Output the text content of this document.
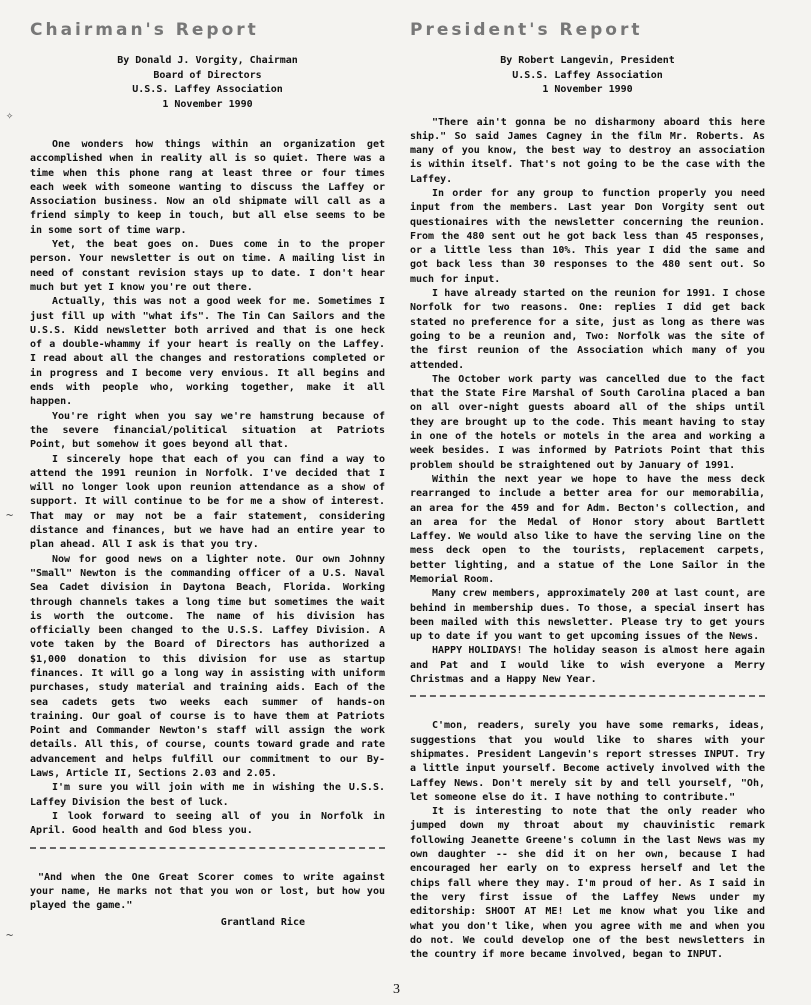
Chairman's Report
By Donald J. Vorgity, Chairman
Board of Directors
U.S.S. Laffey Association
1 November 1990

One wonders how things within an organization get accomplished when in reality all is so quiet. There was a time when this phone rang at least three or four times each week with someone wanting to discuss the Laffey or Association business. Now an old shipmate will call as a friend simply to keep in touch, but all else seems to be in some sort of time warp.

Yet, the beat goes on. Dues come in to the proper person. Your newsletter is out on time. A mailing list in need of constant revision stays up to date. I don't hear much but yet I know you're out there.

Actually, this was not a good week for me. Sometimes I just fill up with "what ifs". The Tin Can Sailors and the U.S.S. Kidd newsletter both arrived and that is one heck of a double-whammy if your heart is really on the Laffey. I read about all the changes and restorations completed or in progress and I become very envious. It all begins and ends with people who, working together, make it all happen.

You're right when you say we're hamstrung because of the severe financial/political situation at Patriots Point, but somehow it goes beyond all that.

I sincerely hope that each of you can find a way to attend the 1991 reunion in Norfolk. I've decided that I will no longer look upon reunion attendance as a show of support. It will continue to be for me a show of interest. That may or may not be a fair statement, considering distance and finances, but we have had an entire year to plan ahead. All I ask is that you try.

Now for good news on a lighter note. Our own Johnny "Small" Newton is the commanding officer of a U.S. Naval Sea Cadet division in Daytona Beach, Florida. Working through channels takes a long time but sometimes the wait is worth the outcome. The name of his division has officially been changed to the U.S.S. Laffey Division. A vote taken by the Board of Directors has authorized a $1,000 donation to this division for use as startup finances. It will go a long way in assisting with uniform purchases, study material and training aids. Each of the sea cadets gets two weeks each summer of hands-on training. Our goal of course is to have them at Patriots Point and Commander Newton's staff will assign the work details. All this, of course, counts toward grade and rate advancement and helps fulfill our commitment to our By-Laws, Article II, Sections 2.03 and 2.05.

I'm sure you will join with me in wishing the U.S.S. Laffey Division the best of luck.

I look forward to seeing all of you in Norfolk in April. Good health and God bless you.

"And when the One Great Scorer comes to write against your name, He marks not that you won or lost, but how you played the game."

Grantland Rice
President's Report
By Robert Langevin, President
U.S.S. Laffey Association
1 November 1990

"There ain't gonna be no disharmony aboard this here ship." So said James Cagney in the film Mr. Roberts. As many of you know, the best way to destroy an association is within itself. That's not going to be the case with the Laffey.

In order for any group to function properly you need input from the members. Last year Don Vorgity sent out questionaires with the newsletter concerning the reunion. From the 480 sent out he got back less than 45 responses, or a little less than 10%. This year I did the same and got back less than 30 responses to the 480 sent out. So much for input.

I have already started on the reunion for 1991. I chose Norfolk for two reasons. One: replies I did get back stated no preference for a site, just as long as there was going to be a reunion and, Two: Norfolk was the site of the first reunion of the Association which many of you attended.

The October work party was cancelled due to the fact that the State Fire Marshal of South Carolina placed a ban on all over-night guests aboard all of the ships until they are brought up to the code. This meant having to stay in one of the hotels or motels in the area and working a week besides. I was informed by Patriots Point that this problem should be straightened out by January of 1991.

Within the next year we hope to have the mess deck rearranged to include a better area for our memorabilia, an area for the 459 and for Adm. Becton's collection, and an area for the Medal of Honor story about Bartlett Laffey. We would also like to have the serving line on the mess deck open to the tourists, replacement carpets, better lighting, and a statue of the Lone Sailor in the Memorial Room.

Many crew members, approximately 200 at last count, are behind in membership dues. To those, a special insert has been mailed with this newsletter. Please try to get yours up to date if you want to get upcoming issues of the News.

HAPPY HOLIDAYS! The holiday season is almost here again and Pat and I would like to wish everyone a Merry Christmas and a Happy New Year.

C'mon, readers, surely you have some remarks, ideas, suggestions that you would like to shares with your shipmates. President Langevin's report stresses INPUT. Try a little input yourself. Become actively involved with the Laffey News. Don't merely sit by and tell yourself, "Oh, let someone else do it. I have nothing to contribute."

It is interesting to note that the only reader who jumped down my throat about my chauvinistic remark following Jeanette Greene's column in the last News was my own daughter -- she did it on her own, because I had encouraged her early on to express herself and let the chips fall where they may. I'm proud of her. As I said in the very first issue of the Laffey News under my editorship: SHOOT AT ME! Let me know what you like and what you don't like, when you agree with me and when you do not. We could develop one of the best newsletters in the country if more became involved, began to INPUT.

✧
~
~
3
